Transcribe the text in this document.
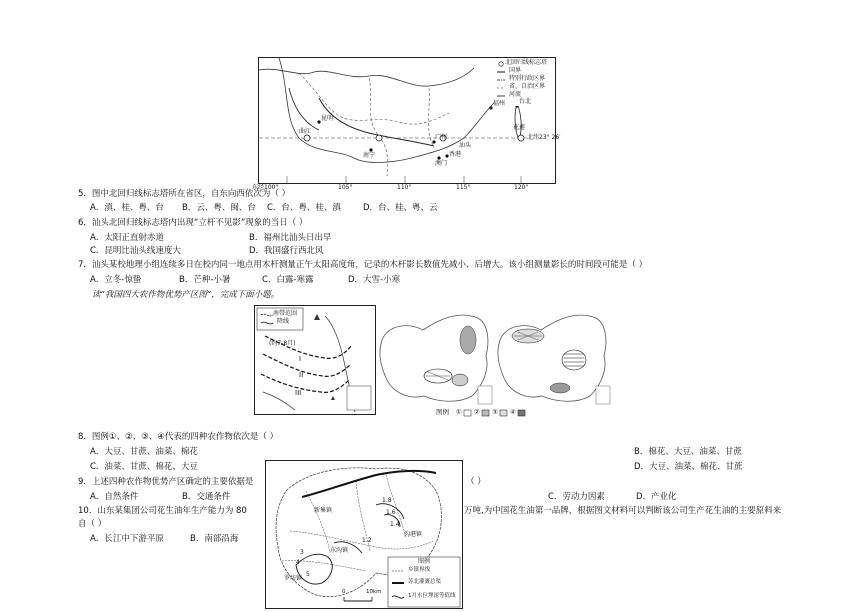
北回归线标志塔
国界
特别行政区界
省、自治区界
河流
北纬23° 26′
昆明
曲江
南宁
广州
香港
澳门
福州 台北
花莲
汕头
东经100°	105°	110°	115°	120°
5．图中北回归线标志塔所在省区，自东向西依次为（ ）
A．滇、桂、粤、台 B．云、粤、闽、台 C．台、粤、桂、滇	D．台、桂、粤、云
6．汕头北回归线标志塔内出现“立杆不见影”现象的当日（ ）
A．太阳正直射赤道	B．福州比汕头日出早
C．昆明比汕头线速度大	D．我国盛行西北风
7．汕头某校地理小组连续多日在校内同一地点用木杆测量正午太阳高度角，记录的木杆影长数值先减小、后增大。该小组测量影长的时间段可能是（ ）
A．立冬-惊蛰	B．芒种-小暑	C．白露-寒露	D．大雪-小寒
读“我国四大农作物优势产区图”，完成下面小题。
南带范围
降线
(约7-8月)
I
II
III
图例 ① ② ③ ④
8．图例①、②、③、④代表的四种农作物依次是（ ）
A．大豆、甘蔗、油菜、棉花	B．棉花、大豆、油菜、甘蔗
C．油菜、甘蔗、棉花、大豆	D．大豆、油菜、棉花、甘蔗
新集镇
东沟镇
罗坊镇
沟港镇
1.8
1.6
1.4
1.2
3
4
5
图例
乡镇界线
苏北灌溉总渠
1月水位埋深等值线
0	10km
9．上述四种农作物优势产区确定的主要依据是	（ ）
A．自然条件	B．交通条件	C．劳动力因素	D．产业化
10．山东某集团公司花生油年生产能力为 80	万吨,为中国花生油第一品牌，根据图文材料可以判断该公司生产花生油的主要原料来
自（ ）
A．长江中下游平原	B．南部沿海
